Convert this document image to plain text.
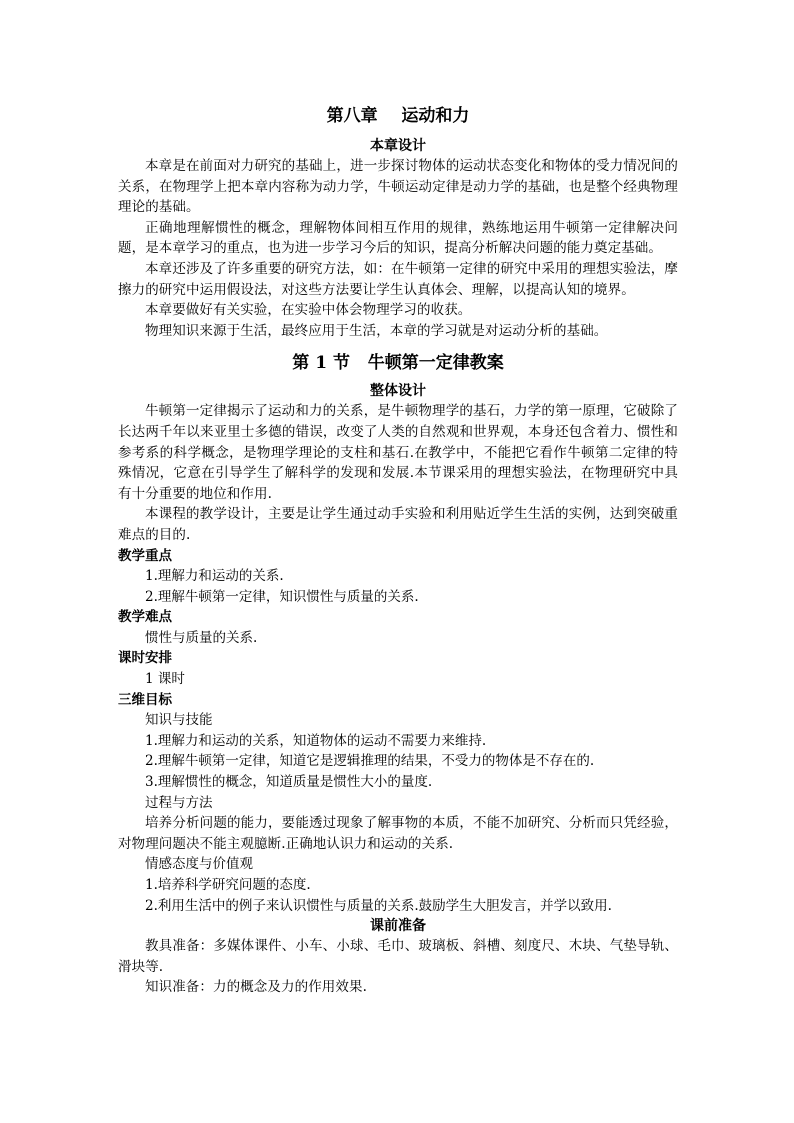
第八章    运动和力
本章设计

本章是在前面对力研究的基础上，进一步探讨物体的运动状态变化和物体的受力情况间的关系，在物理学上把本章内容称为动力学，牛顿运动定律是动力学的基础，也是整个经典物理理论的基础。

正确地理解惯性的概念，理解物体间相互作用的规律，熟练地运用牛顿第一定律解决问题，是本章学习的重点，也为进一步学习今后的知识，提高分析解决问题的能力奠定基础。

本章还涉及了许多重要的研究方法，如：在牛顿第一定律的研究中采用的理想实验法，摩擦力的研究中运用假设法，对这些方法要让学生认真体会、理解，以提高认知的境界。

本章要做好有关实验，在实验中体会物理学习的收获。

物理知识来源于生活，最终应用于生活，本章的学习就是对运动分析的基础。

第 1 节   牛顿第一定律教案
整体设计

牛顿第一定律揭示了运动和力的关系，是牛顿物理学的基石，力学的第一原理，它破除了长达两千年以来亚里士多德的错误，改变了人类的自然观和世界观，本身还包含着力、惯性和参考系的科学概念，是物理学理论的支柱和基石.在教学中，不能把它看作牛顿第二定律的特殊情况，它意在引导学生了解科学的发现和发展.本节课采用的理想实验法，在物理研究中具有十分重要的地位和作用.

本课程的教学设计，主要是让学生通过动手实验和利用贴近学生生活的实例，达到突破重难点的目的.

教学重点

1.理解力和运动的关系.

2.理解牛顿第一定律，知识惯性与质量的关系.

教学难点

惯性与质量的关系.

课时安排

1 课时

三维目标

知识与技能

1.理解力和运动的关系，知道物体的运动不需要力来维持.

2.理解牛顿第一定律，知道它是逻辑推理的结果，不受力的物体是不存在的.

3.理解惯性的概念，知道质量是惯性大小的量度.

过程与方法

培养分析问题的能力，要能透过现象了解事物的本质，不能不加研究、分析而只凭经验，对物理问题决不能主观臆断.正确地认识力和运动的关系.

情感态度与价值观

1.培养科学研究问题的态度.

2.利用生活中的例子来认识惯性与质量的关系.鼓励学生大胆发言，并学以致用.

课前准备

教具准备：多媒体课件、小车、小球、毛巾、玻璃板、斜槽、刻度尺、木块、气垫导轨、滑块等.

知识准备：力的概念及力的作用效果.
